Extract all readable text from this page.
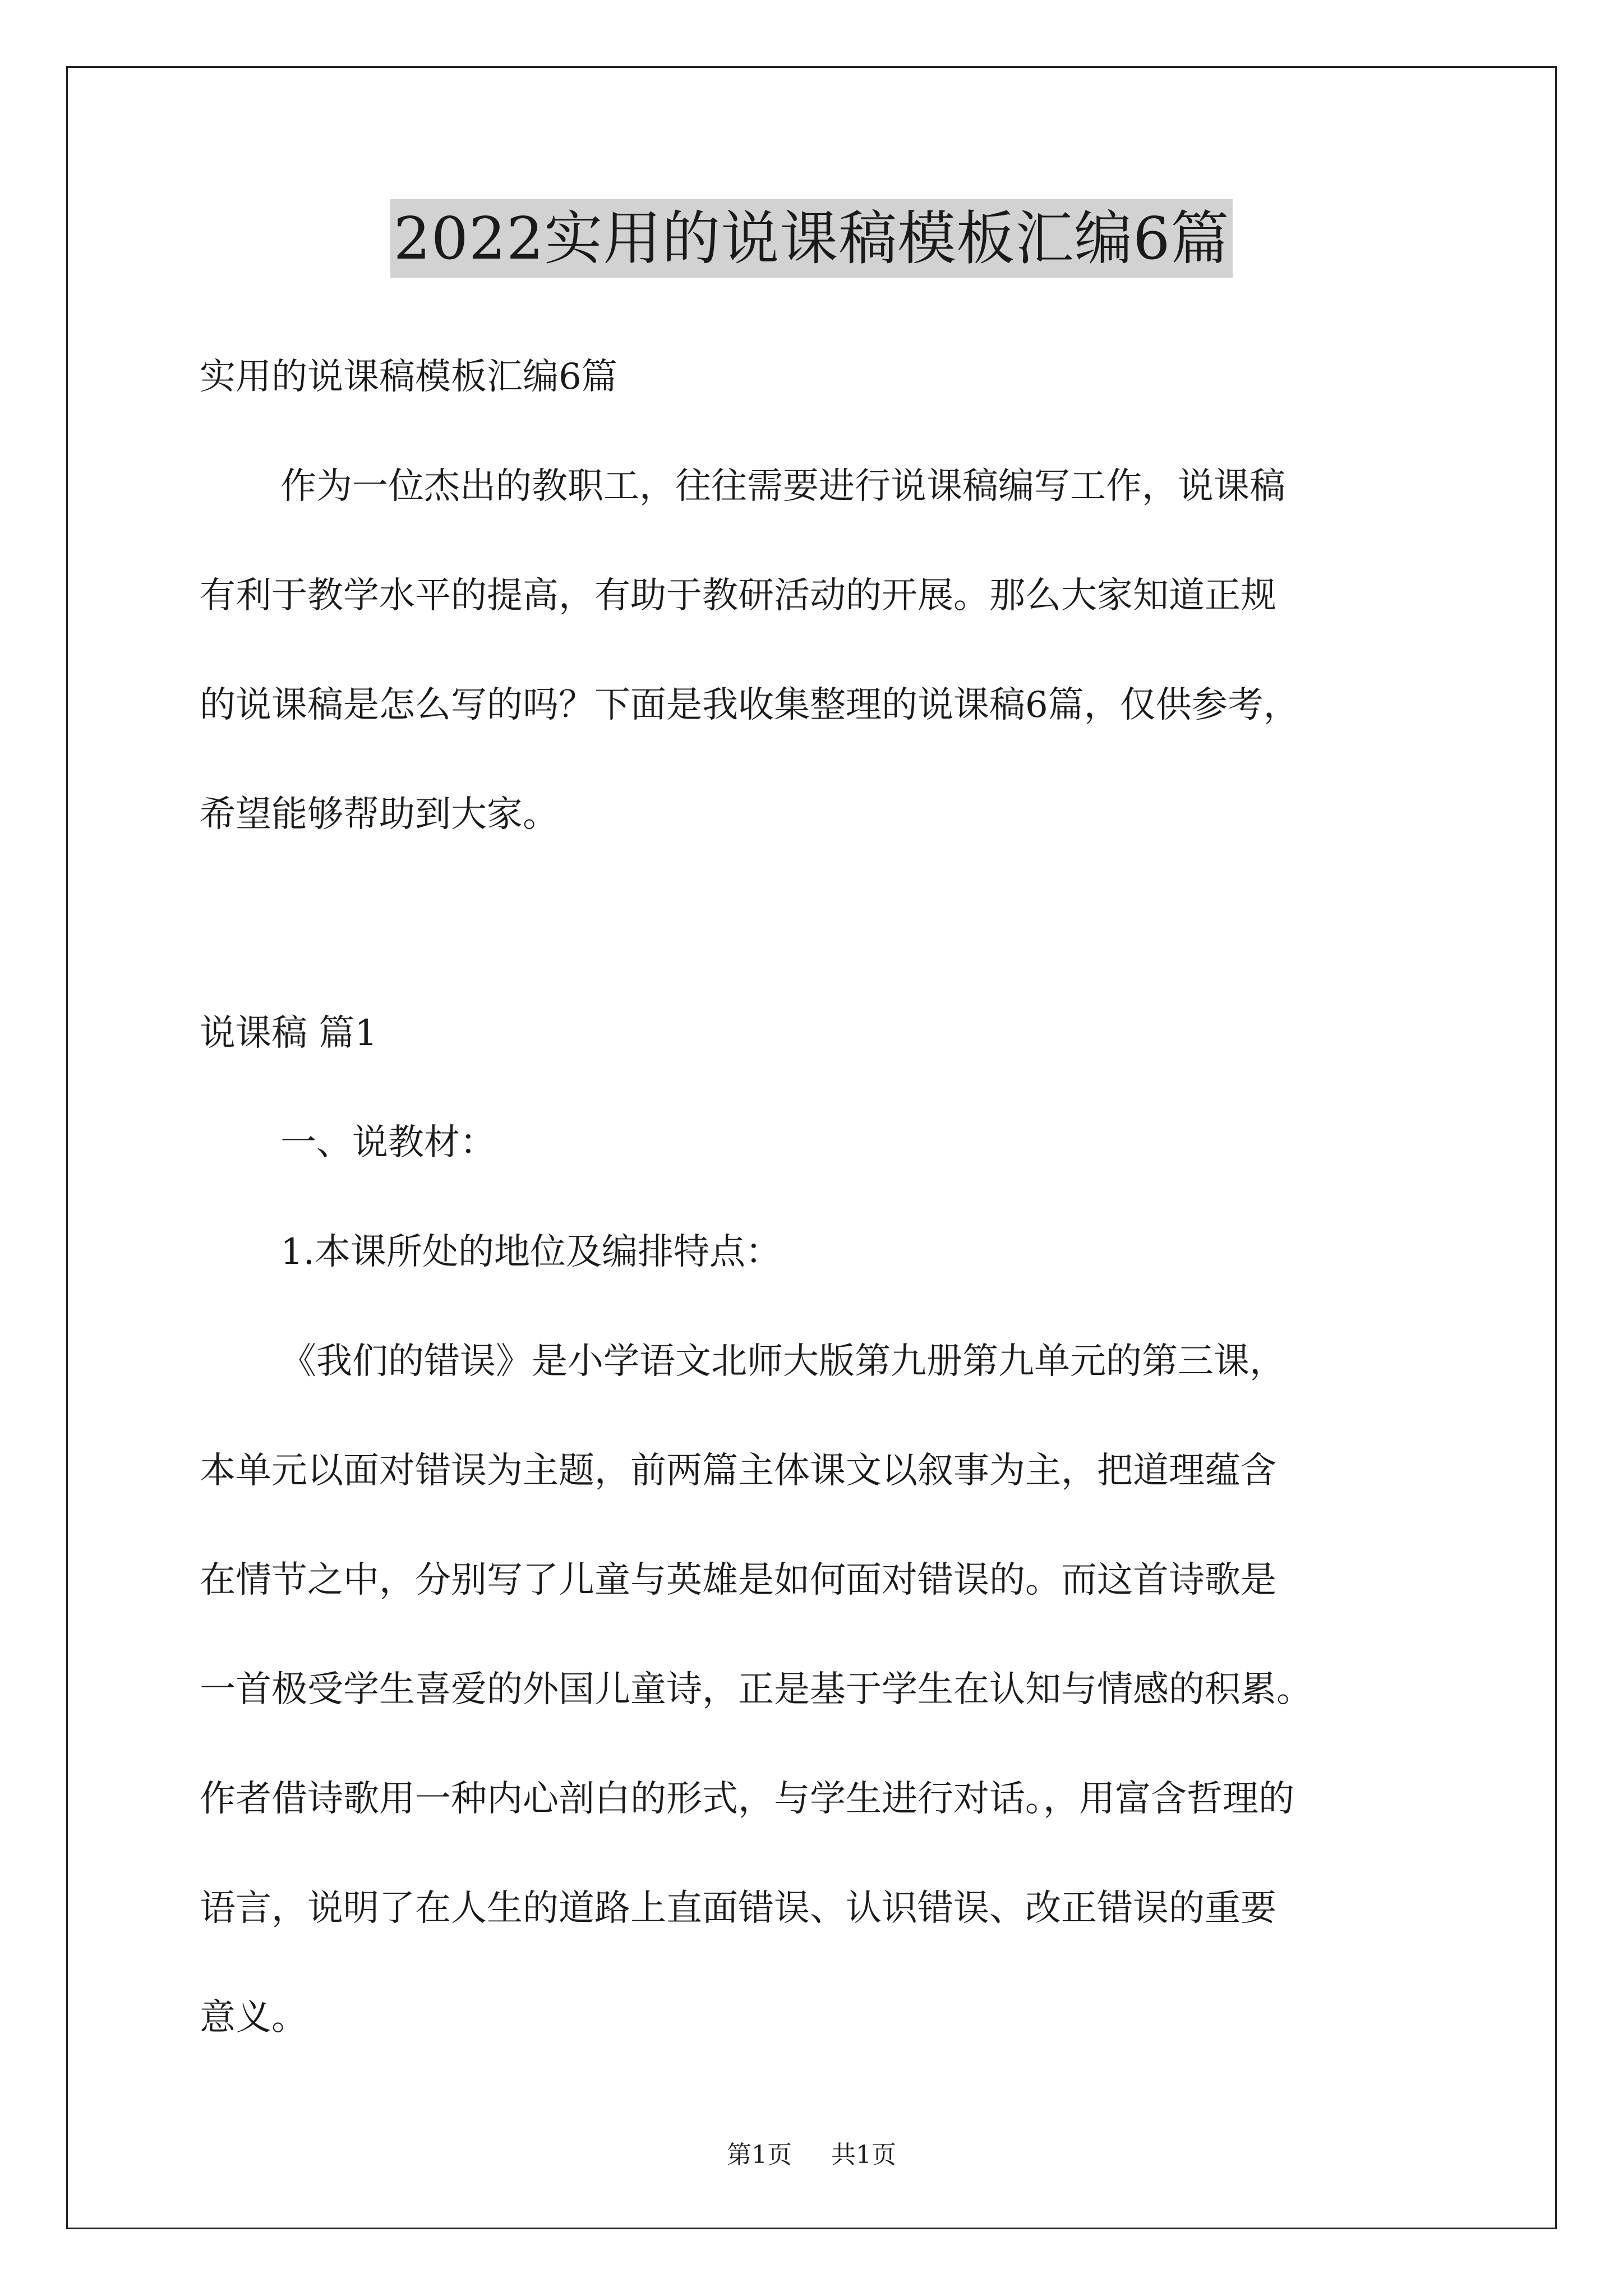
2022实用的说课稿模板汇编6篇

实用的说课稿模板汇编6篇

作为一位杰出的教职工，往往需要进行说课稿编写工作，说课稿

有利于教学水平的提高，有助于教研活动的开展。那么大家知道正规

的说课稿是怎么写的吗？下面是我收集整理的说课稿6篇，仅供参考，

希望能够帮助到大家。

说课稿 篇1

一、说教材：

1.本课所处的地位及编排特点：

《我们的错误》是小学语文北师大版第九册第九单元的第三课，

本单元以面对错误为主题，前两篇主体课文以叙事为主，把道理蕴含

在情节之中，分别写了儿童与英雄是如何面对错误的。而这首诗歌是

一首极受学生喜爱的外国儿童诗，正是基于学生在认知与情感的积累。

作者借诗歌用一种内心剖白的形式，与学生进行对话。，用富含哲理的

语言，说明了在人生的道路上直面错误、认识错误、改正错误的重要

意义。

第1页 共1页
